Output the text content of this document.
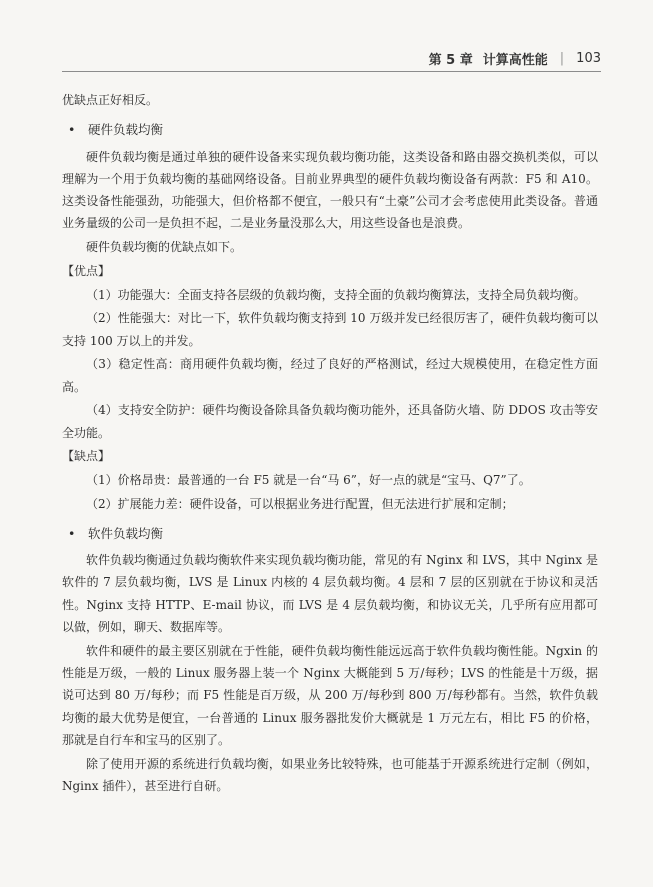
第 5 章 计算高性能 | 103

优缺点正好相反。

• 硬件负载均衡

硬件负载均衡是通过单独的硬件设备来实现负载均衡功能，这类设备和路由器交换机类似，可以理解为一个用于负载均衡的基础网络设备。目前业界典型的硬件负载均衡设备有两款：F5 和 A10。这类设备性能强劲，功能强大，但价格都不便宜，一般只有“土豪”公司才会考虑使用此类设备。普通业务量级的公司一是负担不起，二是业务量没那么大，用这些设备也是浪费。

硬件负载均衡的优缺点如下。

【优点】

（1）功能强大：全面支持各层级的负载均衡，支持全面的负载均衡算法，支持全局负载均衡。

（2）性能强大：对比一下，软件负载均衡支持到 10 万级并发已经很厉害了，硬件负载均衡可以支持 100 万以上的并发。

（3）稳定性高：商用硬件负载均衡，经过了良好的严格测试，经过大规模使用，在稳定性方面高。

（4）支持安全防护：硬件均衡设备除具备负载均衡功能外，还具备防火墙、防 DDOS 攻击等安全功能。

【缺点】

（1）价格昂贵：最普通的一台 F5 就是一台“马 6”，好一点的就是“宝马、Q7”了。

（2）扩展能力差：硬件设备，可以根据业务进行配置，但无法进行扩展和定制；

• 软件负载均衡

软件负载均衡通过负载均衡软件来实现负载均衡功能，常见的有 Nginx 和 LVS，其中 Nginx 是软件的 7 层负载均衡，LVS 是 Linux 内核的 4 层负载均衡。4 层和 7 层的区别就在于协议和灵活性。Nginx 支持 HTTP、E-mail 协议，而 LVS 是 4 层负载均衡，和协议无关，几乎所有应用都可以做，例如，聊天、数据库等。

软件和硬件的最主要区别就在于性能，硬件负载均衡性能远远高于软件负载均衡性能。Ngxin 的性能是万级，一般的 Linux 服务器上装一个 Nginx 大概能到 5 万/每秒；LVS 的性能是十万级，据说可达到 80 万/每秒；而 F5 性能是百万级，从 200 万/每秒到 800 万/每秒都有。当然，软件负载均衡的最大优势是便宜，一台普通的 Linux 服务器批发价大概就是 1 万元左右，相比 F5 的价格，那就是自行车和宝马的区别了。

除了使用开源的系统进行负载均衡，如果业务比较特殊，也可能基于开源系统进行定制（例如，Nginx 插件），甚至进行自研。
